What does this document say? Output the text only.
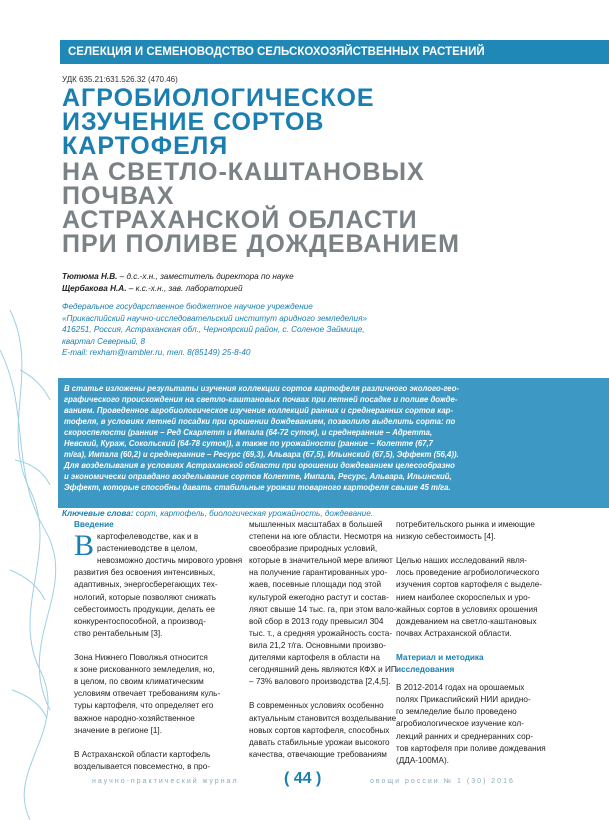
СЕЛЕКЦИЯ И СЕМЕНОВОДСТВО СЕЛЬСКОХОЗЯЙСТВЕННЫХ РАСТЕНИЙ
УДК 635.21:631.526.32 (470.46)
АГРОБИОЛОГИЧЕСКОЕ
ИЗУЧЕНИЕ СОРТОВ
КАРТОФЕЛЯ
НА СВЕТЛО-КАШТАНОВЫХ
ПОЧВАХ
АСТРАХАНСКОЙ ОБЛАСТИ
ПРИ ПОЛИВЕ ДОЖДЕВАНИЕМ
Тютюма Н.В. – д.с.-х.н., заместитель директора по науке
Щербакова Н.А. – к.с.-х.н., зав. лабораторией
Федеральное государственное бюджетное научное учреждение
«Прикаспийский научно-исследовательский институт аридного земледелия»
416251, Россия, Астраханская обл., Черноярский район, с. Соленое Займище,
квартал Северный, 8
E-mail: rexham@rambler.ru, тел. 8(85149) 25-8-40
В статье изложены результаты изучения коллекции сортов картофеля различного эколого-гео-
графического происхождения на светло-каштановых почвах при летней посадке и поливе дожде-
ванием. Проведенное агробиологическое изучение коллекций ранних и среднеранних сортов кар-
тофеля, в условиях летней посадки при орошении дождеванием, позволило выделить сорта: по
скороспелости (ранние – Ред Скарлетт и Импала (64-72 суток), и среднеранние – Адретта,
Невский, Кураж, Сокольский (64-78 суток)), а также по урожайности (ранние – Колетте (67,7
т/га), Импала (60,2) и среднеранние – Ресурс (69,3), Альвара (67,5), Ильинский (67,5), Эффект (56,4)).
Для возделывания в условиях Астраханской области при орошении дождеванием целесообразно
и экономически оправдано возделывание сортов Колетте, Импала, Ресурс, Альвара, Ильинский,
Эффект, которые способны давать стабильные урожаи товарного картофеля свыше 45 т/га.
Ключевые слова: сорт, картофель, биологическая урожайность, дождевание.
Введение
В картофелеводстве, как и в
растениеводстве в целом,
невозможно достичь мирового уровня
развития без освоения интенсивных,
адаптивных, энергосберегающих тех-
нологий, которые позволяют снижать
себестоимость продукции, делать ее
конкурентоспособной, а производ-
ство рентабельным [3].
Зона Нижнего Поволжья относится
к зоне рискованного земледелия, но,
в целом, по своим климатическим
условиям отвечает требованиям куль-
туры картофеля, что определяет его
важное народно-хозяйственное
значение в регионе [1].
В Астраханской области картофель
возделывается повсеместно, в про-
мышленных масштабах в большей
степени на юге области. Несмотря на
своеобразие природных условий,
которые в значительной мере влияют
на получение гарантированных уро-
жаев, посевные площади под этой
культурой ежегодно растут и состав-
ляют свыше 14 тыс. га, при этом вало-
вой сбор в 2013 году превысил 304
тыс. т., а средняя урожайность соста-
вила 21,2 т/га. Основными произво-
дителями картофеля в области на
сегодняшний день являются КФХ и ИП
– 73% валового производства [2,4,5].
В современных условиях особенно
актуальным становится возделывание
новых сортов картофеля, способных
давать стабильные урожаи высокого
качества, отвечающие требованиям
потребительского рынка и имеющие
низкую себестоимость [4].
Целью наших исследований явля-
лось проведение агробиологического
изучения сортов картофеля с выделе-
нием наиболее скороспелых и уро-
жайных сортов в условиях орошения
дождеванием на светло-каштановых
почвах Астраханской области.
Материал и методика
исследования
В 2012-2014 годах на орошаемых
полях Прикаспийский НИИ аридно-
го земледелие было проведено
агробиологическое изучение кол-
лекций ранних и среднеранних сор-
тов картофеля при поливе дождевания
(ДДА-100МА).
научно-практический журнал	( 44 )	овощи россии № 1 (30) 2016
